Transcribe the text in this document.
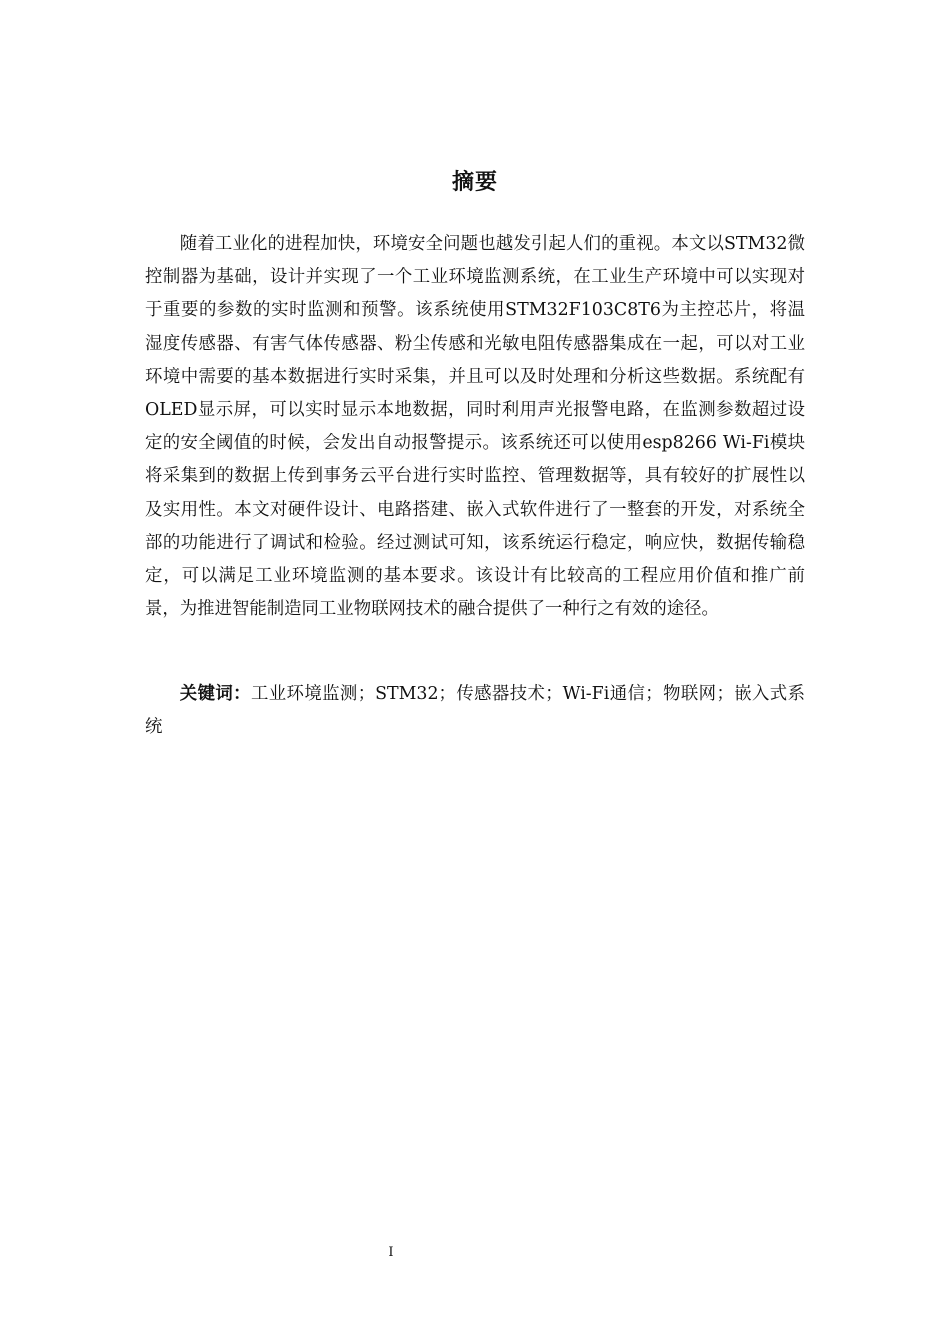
摘要

随着工业化的进程加快，环境安全问题也越发引起人们的重视。本文以STM32微控制器为基础，设计并实现了一个工业环境监测系统，在工业生产环境中可以实现对于重要的参数的实时监测和预警。该系统使用STM32F103C8T6为主控芯片，将温湿度传感器、有害气体传感器、粉尘传感和光敏电阻传感器集成在一起，可以对工业环境中需要的基本数据进行实时采集，并且可以及时处理和分析这些数据。系统配有OLED显示屏，可以实时显示本地数据，同时利用声光报警电路，在监测参数超过设定的安全阈值的时候，会发出自动报警提示。该系统还可以使用esp8266 Wi-Fi模块将采集到的数据上传到事务云平台进行实时监控、管理数据等，具有较好的扩展性以及实用性。本文对硬件设计、电路搭建、嵌入式软件进行了一整套的开发，对系统全部的功能进行了调试和检验。经过测试可知，该系统运行稳定，响应快，数据传输稳定，可以满足工业环境监测的基本要求。该设计有比较高的工程应用价值和推广前景，为推进智能制造同工业物联网技术的融合提供了一种行之有效的途径。

关键词：工业环境监测；STM32；传感器技术；Wi-Fi通信；物联网；嵌入式系统

I
